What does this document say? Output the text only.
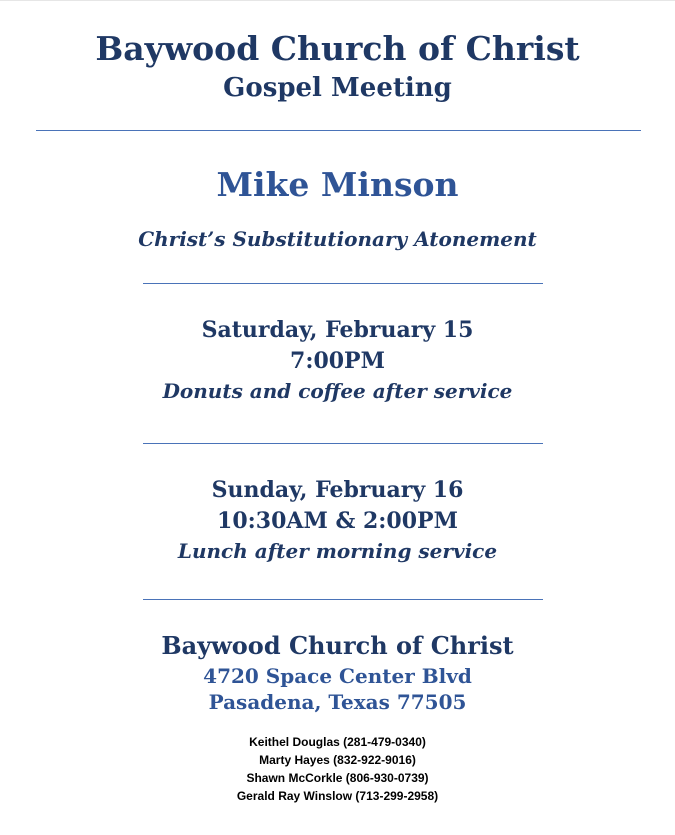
Baywood Church of Christ
Gospel Meeting
Mike Minson
Christ’s Substitutionary Atonement
Saturday, February 15
7:00PM
Donuts and coffee after service
Sunday, February 16
10:30AM & 2:00PM
Lunch after morning service
Baywood Church of Christ
4720 Space Center Blvd
Pasadena, Texas 77505
Keithel Douglas (281-479-0340)
Marty Hayes (832-922-9016)
Shawn McCorkle (806-930-0739)
Gerald Ray Winslow (713-299-2958)
